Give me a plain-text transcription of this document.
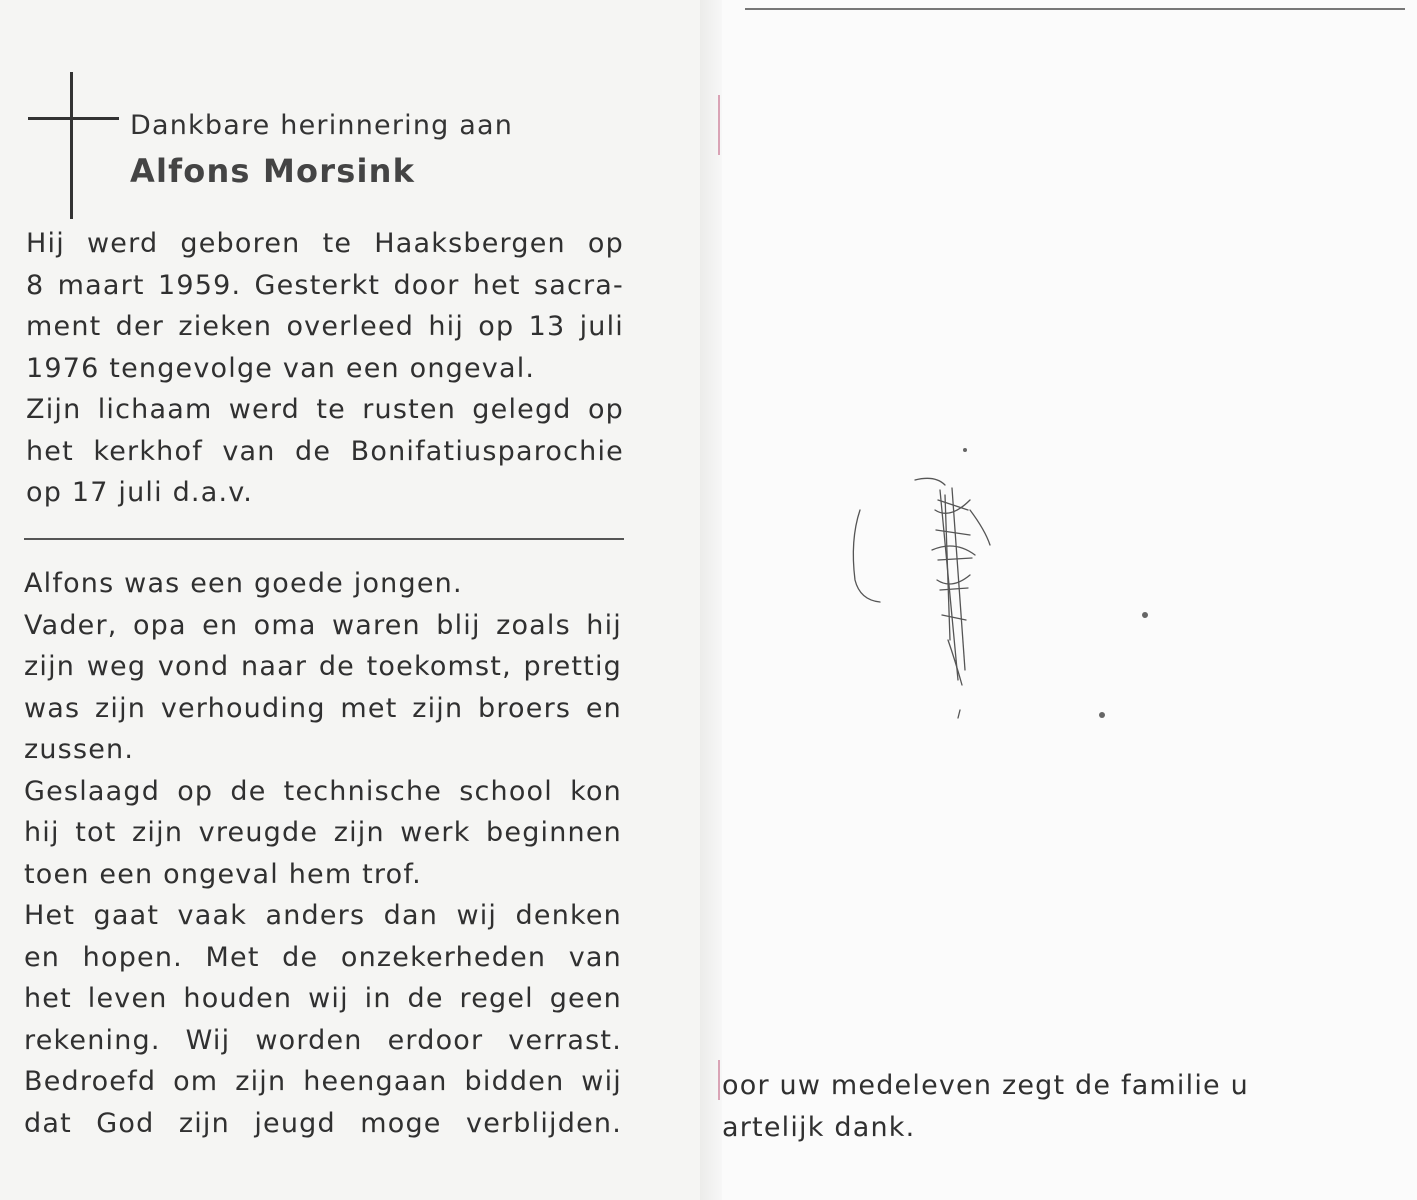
Dankbare herinnering aan
Alfons Morsink
Hij werd geboren te Haaksbergen op
8 maart 1959. Gesterkt door het sacra-
ment der zieken overleed hij op 13 juli
1976 tengevolge van een ongeval.
Zijn lichaam werd te rusten gelegd op
het kerkhof van de Bonifatiusparochie
op 17 juli d.a.v.
Alfons was een goede jongen.
Vader, opa en oma waren blij zoals hij
zijn weg vond naar de toekomst, prettig
was zijn verhouding met zijn broers en
zussen.
Geslaagd op de technische school kon
hij tot zijn vreugde zijn werk beginnen
toen een ongeval hem trof.
Het gaat vaak anders dan wij denken
en hopen. Met de onzekerheden van
het leven houden wij in de regel geen
rekening. Wij worden erdoor verrast.
Bedroefd om zijn heengaan bidden wij
dat God zijn jeugd moge verblijden.
oor uw medeleven zegt de familie u
artelijk dank.
